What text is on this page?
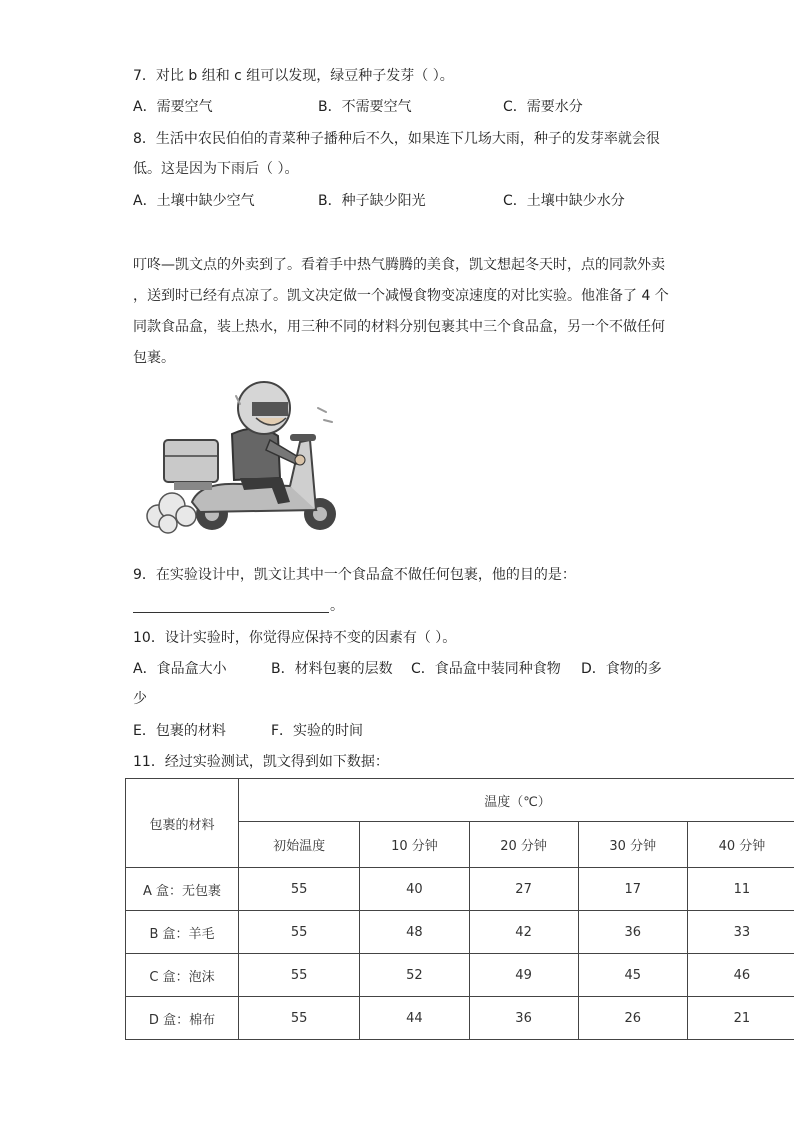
7．对比 b 组和 c 组可以发现，绿豆种子发芽（ ）。
A．需要空气	B．不需要空气	C．需要水分
8．生活中农民伯伯的青菜种子播种后不久，如果连下几场大雨，种子的发芽率就会很
低。这是因为下雨后（ ）。
A．土壤中缺少空气	B．种子缺少阳光	C．土壤中缺少水分

叮咚—凯文点的外卖到了。看着手中热气腾腾的美食，凯文想起冬天时，点的同款外卖

，送到时已经有点凉了。凯文决定做一个减慢食物变凉速度的对比实验。他准备了 4 个

同款食品盒，装上热水，用三种不同的材料分别包裹其中三个食品盒，另一个不做任何

包裹。

9．在实验设计中，凯文让其中一个食品盒不做任何包裹，他的目的是：
。
10．设计实验时，你觉得应保持不变的因素有（ ）。
A．食品盒大小	B．材料包裹的层数 C．食品盒中装同种食物 D．食物的多
少
E．包裹的材料	F．实验的时间
11．经过实验测试，凯文得到如下数据：
包裹的材料	温度（℃）				
	初始温度	10 分钟	20 分钟	30 分钟	40 分钟
A 盒：无包裹	55	40	27	17	11
B 盒：羊毛	55	48	42	36	33
C 盒：泡沫	55	52	49	45	46
D 盒：棉布	55	44	36	26	21
